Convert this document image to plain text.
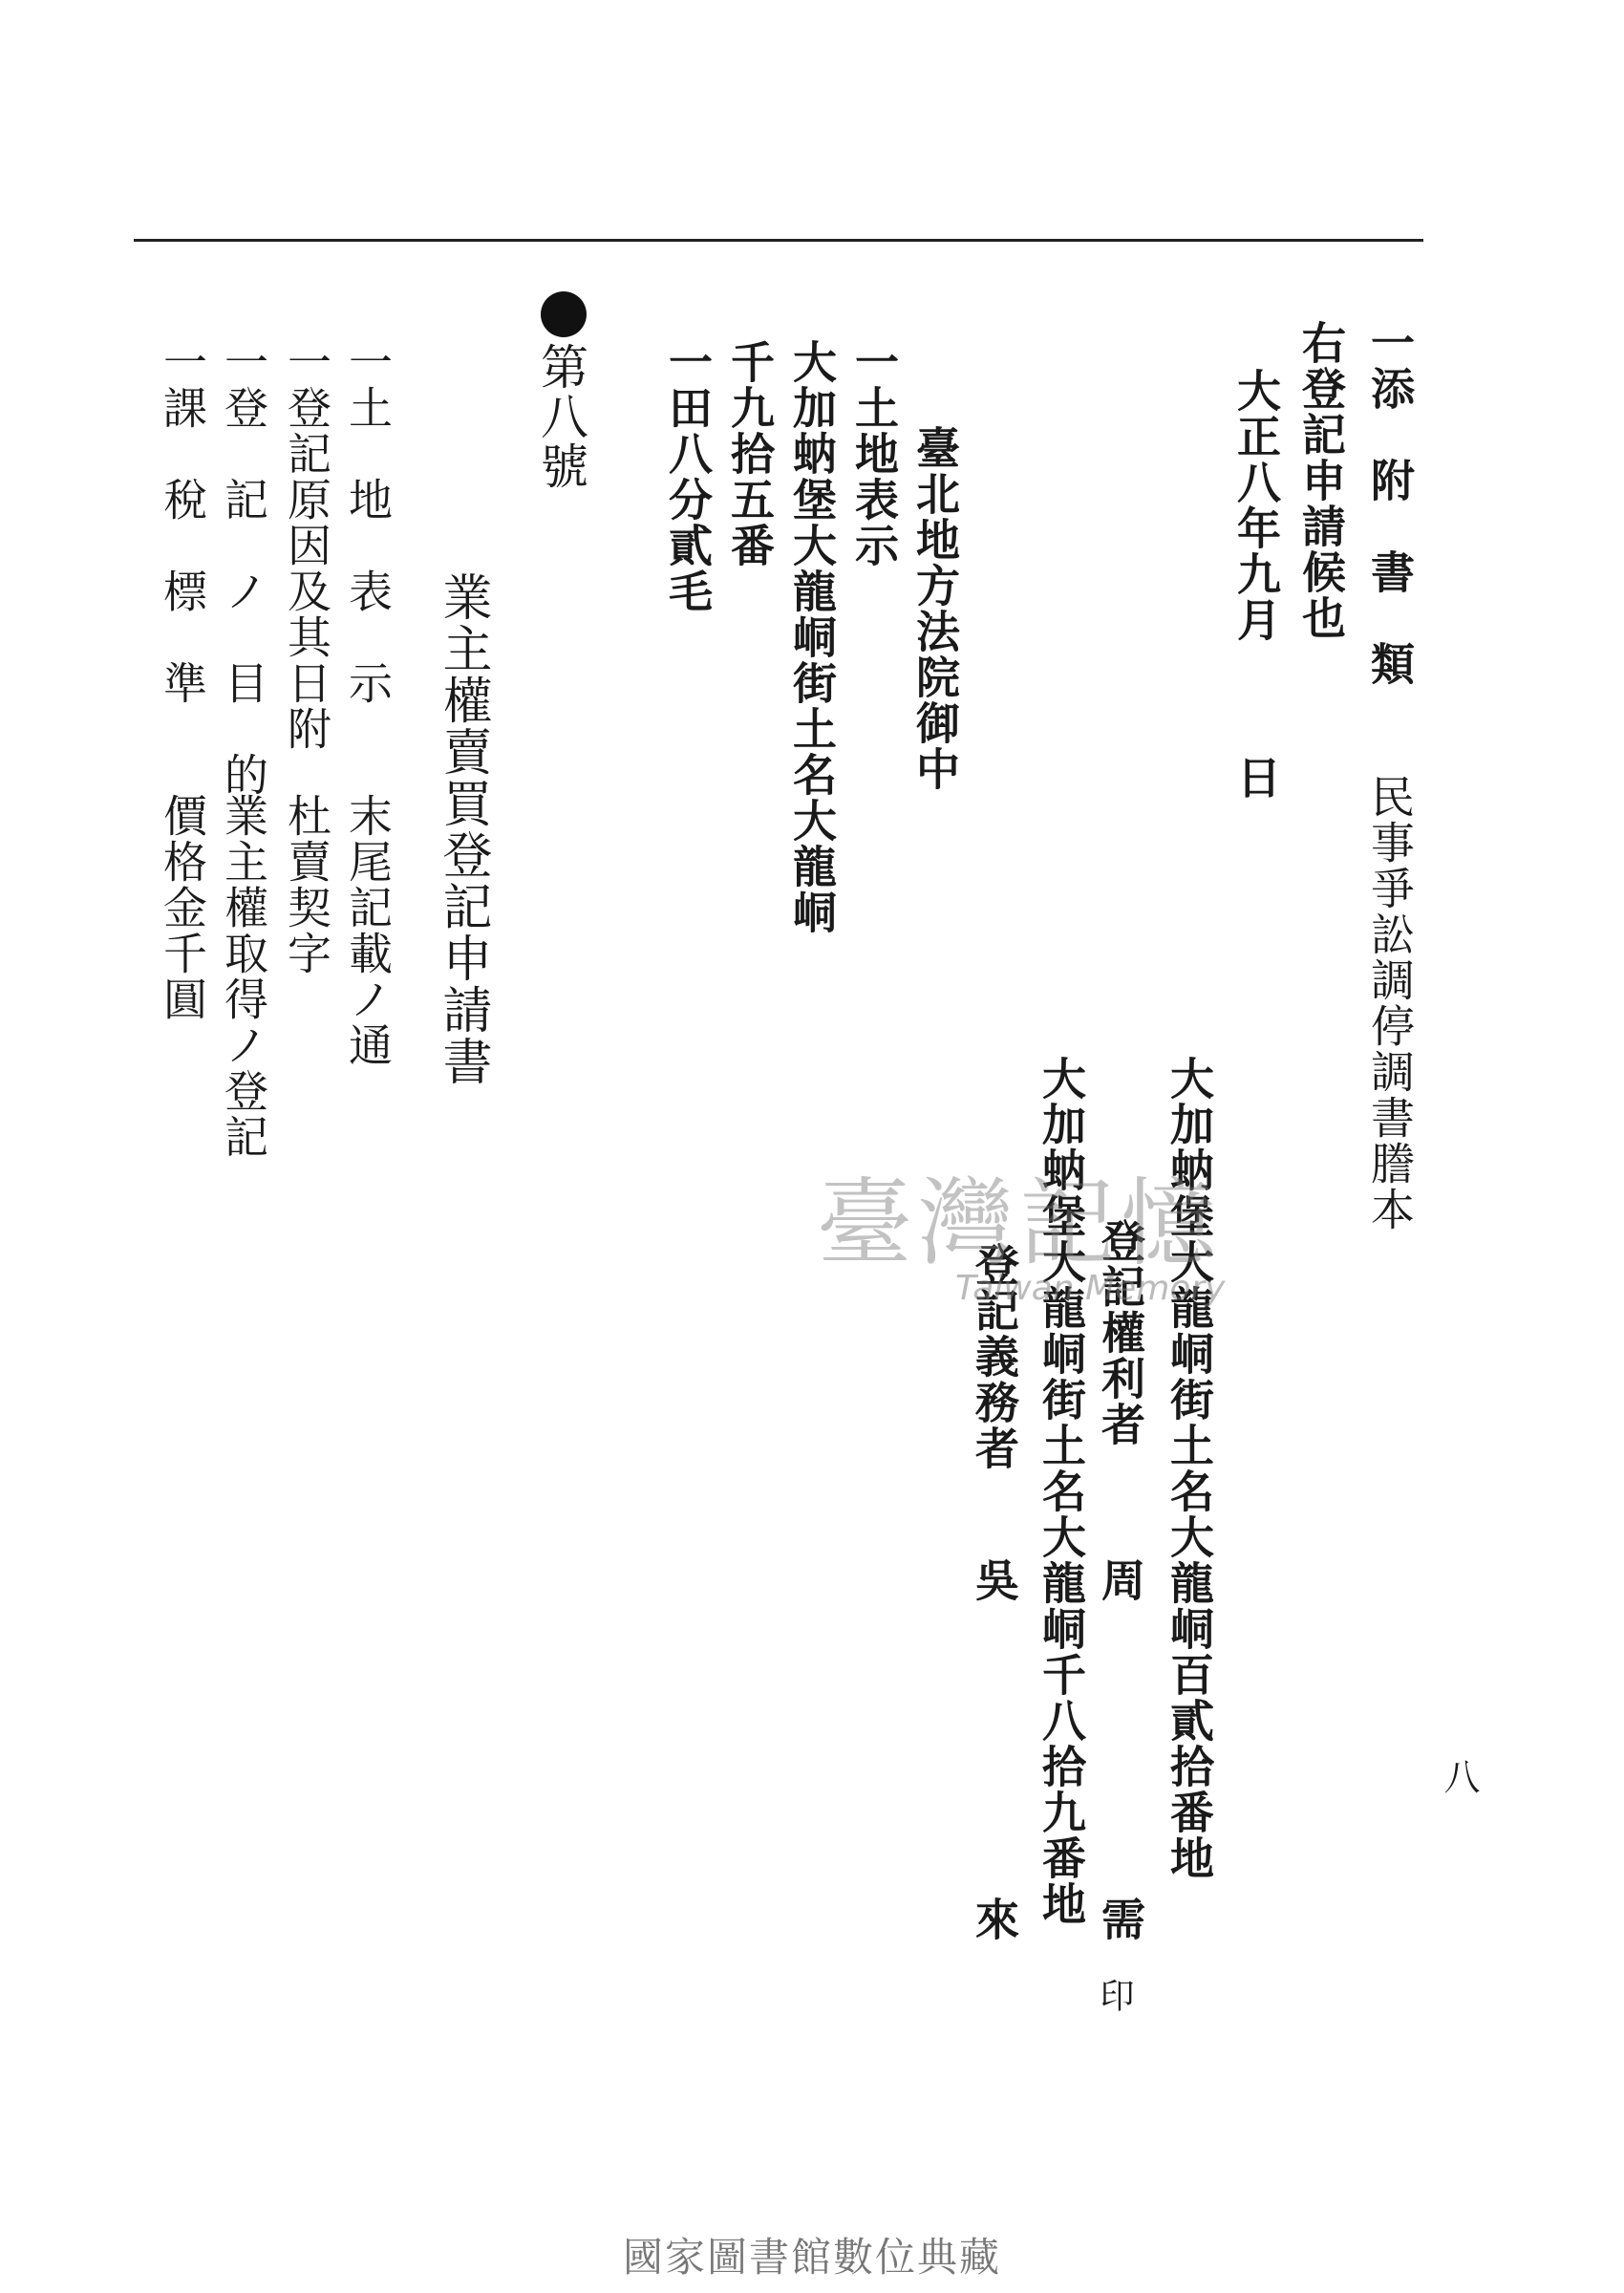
八
一添　附　書　類
民事爭訟調停調書謄本
右登記申請候也
大正八年九月
日
大加蚋堡大龍峒街土名大龍峒百貳拾番地
登記權利者
周
需
印
大加蚋堡大龍峒街土名大龍峒千八拾九番地
登記義務者
吳
來
臺北地方法院御中
一土地表示
大加蚋堡大龍峒街土名大龍峒
千九拾五番
一田八分貳毛
第八號
業主權賣買登記申請書
一土　地　表　示
末尾記載ノ通
一登記原因及其日附
杜賣契字
一登　記　ノ　目　的
業主權取得ノ登記
一課　稅　標　準
價格金千圓
臺灣記憶
Taiwan Memory
國家圖書館數位典藏
